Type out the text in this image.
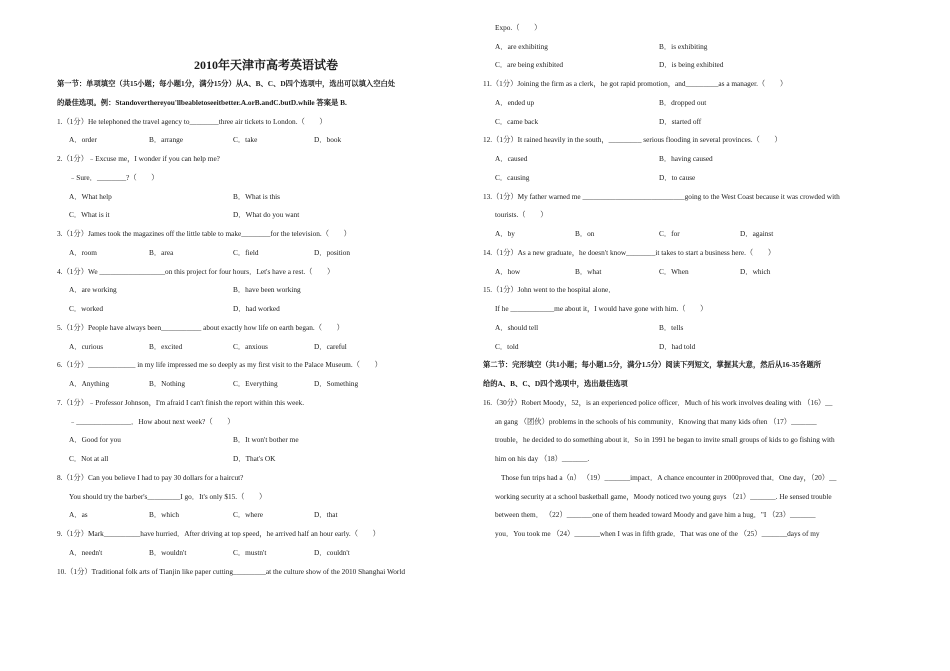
2010年天津市高考英语试卷
第一节：单项填空（共15小题；每小题1分，满分15分）从A、B、C、D四个选项中，选出可以填入空白处
的最佳选项。例：Standoverthereyou'llbeabletoseeitbetter.A.orB.andC.butD.while 答案是 B.
1.（1分）He telephoned the travel agency to________three air tickets to London.（　　）
A．order	B．arrange	C．take	D．book
2.（1分）﹣Excuse me，I wonder if you can help me?
﹣Sure．________?（　　）
A．What help	B．What is this
C．What is it	D．What do you want
3.（1分）James took the magazines off the little table to make________for the television.（　　）
A．room	B．area	C．field	D．position
4.（1分）We __________________on this project for four hours．Let's have a rest.（　　）
A．are working	B．have been working
C．worked	D．had worked
5.（1分）People have always been___________ about exactly how life on earth began.（　　）
A．curious	B．excited	C．anxious	D．careful
6.（1分）_____________ in my life impressed me so deeply as my first visit to the Palace Museum.（　　）
A．Anything	B．Nothing	C．Everything	D．Something
7.（1分）﹣Professor Johnson，I'm afraid I can't finish the report within this week.
﹣_______________．How about next week?（　　）
A．Good for you	B．It won't bother me
C．Not at all	D．That's OK
8.（1分）Can you believe I had to pay 30 dollars for a haircut?
You should try the barber's_________I go．It's only $15.（　　）
A．as	B．which	C．where	D．that
9.（1分）Mark__________have hurried．After driving at top speed，he arrived half an hour early.（　　）
A．needn't	B．wouldn't	C．mustn't	D．couldn't
10.（1分）Traditional folk arts of Tianjin like paper cutting_________at the culture show of the 2010 Shanghai World
Expo.（　　）
A．are exhibiting	B．is exhibiting
C．are being exhibited	D．is being exhibited
11.（1分）Joining the firm as a clerk，he got rapid promotion，and_________as a manager.（　　）
A．ended up	B．dropped out
C．came back	D．started off
12.（1分）It rained heavily in the south，_________ serious flooding in several provinces.（　　）
A．caused	B．having caused
C．causing	D．to cause
13.（1分）My father warned me ____________________________going to the West Coast because it was crowded with
tourists.（　　）
A．by	B．on	C．for	D．against
14.（1分）As a new graduate，he doesn't know________it takes to start a business here.（　　）
A．how	B．what	C．When	D．which
15.（1分）John went to the hospital alone．
If he ____________me about it，I would have gone with him.（　　）
A．should tell	B．tells
C．told	D．had told
第二节：完形填空（共1小题；每小题1.5分，满分1.5分）阅读下列短文，掌握其大意，然后从16-35各题所
给的A、B、C、D四个选项中，选出最佳选项
16.（30分）Robert Moody，52，is an experienced police officer．Much of his work involves dealing with （16）__
an gang （团伙）problems in the schools of his community．Knowing that many kids often （17）_______
trouble，he decided to do something about it．So in 1991 he began to invite small groups of kids to go fishing with
him on his day （18）_______.
Those fun trips had a（n） （19）_______impact．A chance encounter in 2000proved that．One day，（20）__
working security at a school basketball game，Moody noticed two young guys （21）_______. He sensed trouble
between them． （22）_______one of them headed toward Moody and gave him a hug．"I （23）_______
you．You took me （24）_______when I was in fifth grade．That was one of the （25）_______days of my
